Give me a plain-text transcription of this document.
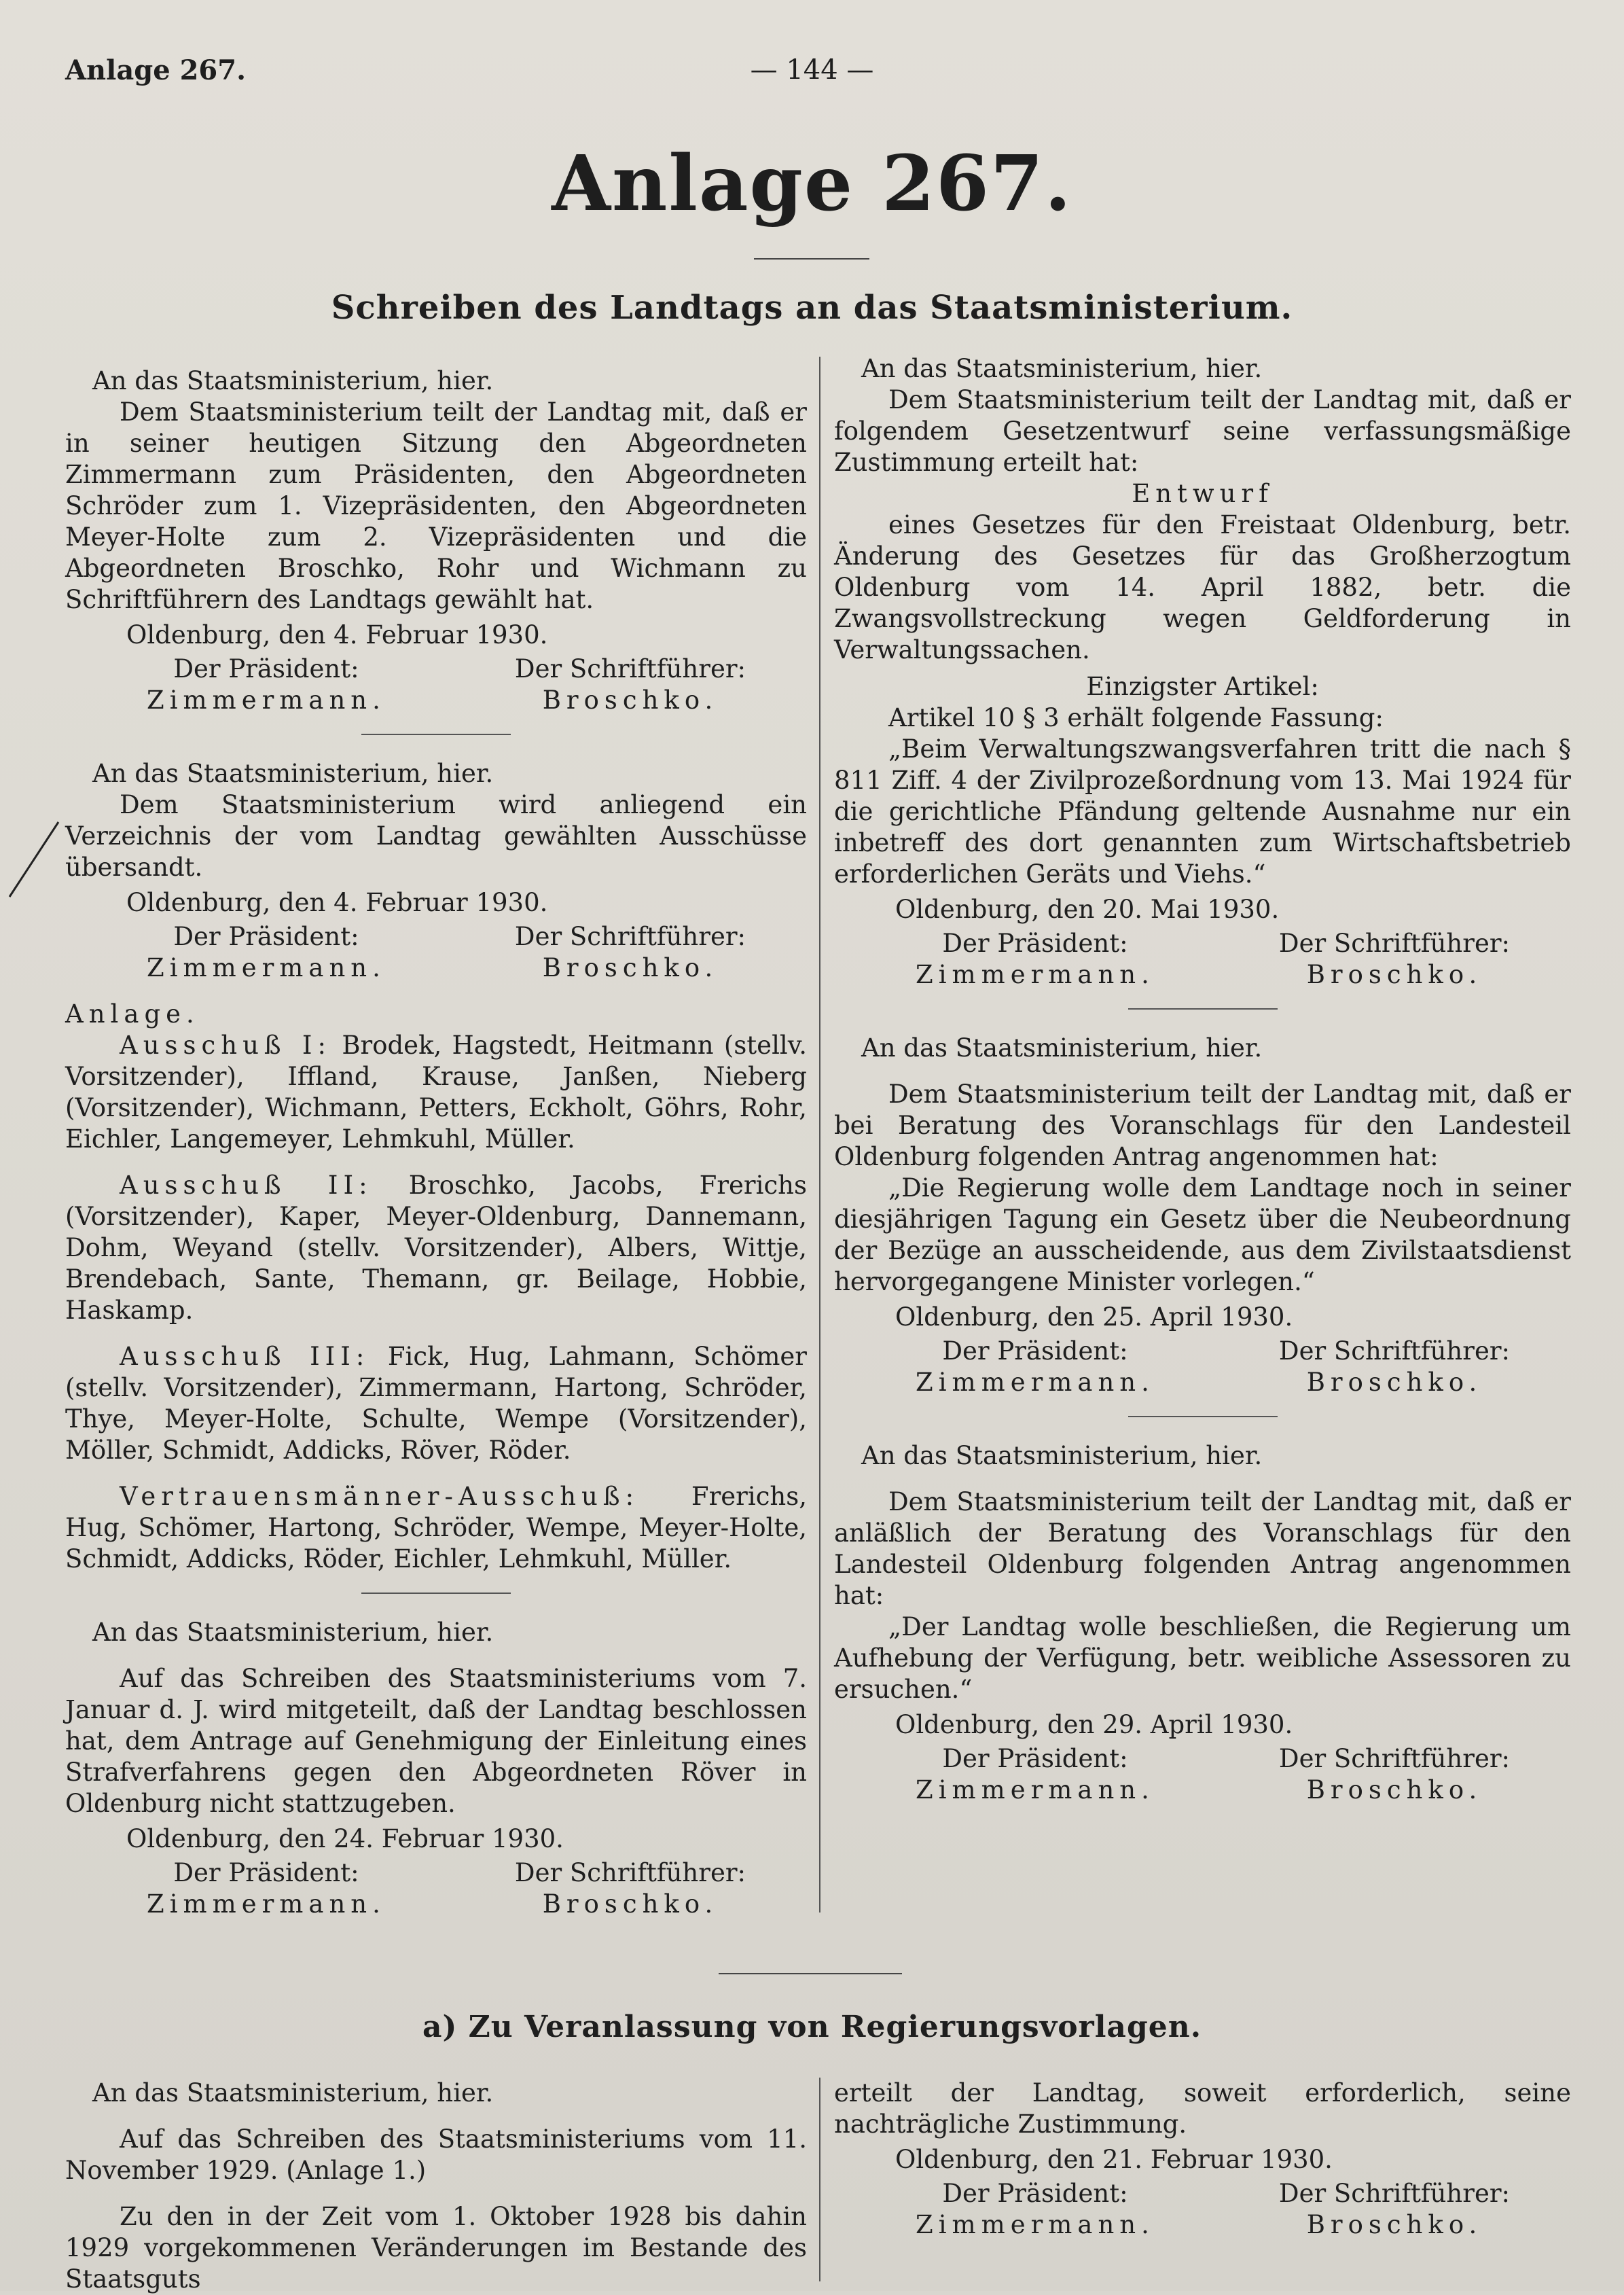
Anlage 267.	— 144 —
Anlage 267.
Schreiben des Landtags an das Staatsministerium.

An das Staatsministerium, hier.

Dem Staatsministerium teilt der Landtag mit, daß er in seiner heutigen Sitzung den Abgeordneten Zimmermann zum Präsidenten, den Abgeordneten Schröder zum 1. Vizepräsidenten, den Abgeordneten Meyer-Holte zum 2. Vizepräsidenten und die Abgeordneten Broschko, Rohr und Wichmann zu Schriftführern des Landtags gewählt hat.

Oldenburg, den 4. Februar 1930.

Der Präsident:
Zimmermann.
Der Schriftführer:
Broschko.

An das Staatsministerium, hier.

Dem Staatsministerium wird anliegend ein Verzeichnis der vom Landtag gewählten Ausschüsse übersandt.

Oldenburg, den 4. Februar 1930.

Der Präsident:
Zimmermann.
Der Schriftführer:
Broschko.

Anlage.

Ausschuß I: Brodek, Hagstedt, Heitmann (stellv. Vorsitzender), Iffland, Krause, Janßen, Nieberg (Vorsitzender), Wichmann, Petters, Eckholt, Göhrs, Rohr, Eichler, Langemeyer, Lehmkuhl, Müller.

Ausschuß II: Broschko, Jacobs, Frerichs (Vorsitzender), Kaper, Meyer-Oldenburg, Dannemann, Dohm, Weyand (stellv. Vorsitzender), Albers, Wittje, Brendebach, Sante, Themann, gr. Beilage, Hobbie, Haskamp.

Ausschuß III: Fick, Hug, Lahmann, Schömer (stellv. Vorsitzender), Zimmermann, Hartong, Schröder, Thye, Meyer-Holte, Schulte, Wempe (Vorsitzender), Möller, Schmidt, Addicks, Röver, Röder.

Vertrauensmänner-Ausschuß: Frerichs, Hug, Schömer, Hartong, Schröder, Wempe, Meyer-Holte, Schmidt, Addicks, Röder, Eichler, Lehmkuhl, Müller.

An das Staatsministerium, hier.

Auf das Schreiben des Staatsministeriums vom 7. Januar d. J. wird mitgeteilt, daß der Landtag beschlossen hat, dem Antrage auf Genehmigung der Einleitung eines Strafverfahrens gegen den Abgeordneten Röver in Oldenburg nicht stattzugeben.

Oldenburg, den 24. Februar 1930.

Der Präsident:
Zimmermann.
Der Schriftführer:
Broschko.

An das Staatsministerium, hier.

Dem Staatsministerium teilt der Landtag mit, daß er folgendem Gesetzentwurf seine verfassungsmäßige Zustimmung erteilt hat:

Entwurf

eines Gesetzes für den Freistaat Oldenburg, betr. Änderung des Gesetzes für das Großherzogtum Oldenburg vom 14. April 1882, betr. die Zwangsvollstreckung wegen Geldforderung in Verwaltungssachen.

Einzigster Artikel:

Artikel 10 § 3 erhält folgende Fassung:

„Beim Verwaltungszwangsverfahren tritt die nach § 811 Ziff. 4 der Zivilprozeßordnung vom 13. Mai 1924 für die gerichtliche Pfändung geltende Ausnahme nur ein inbetreff des dort genannten zum Wirtschaftsbetrieb erforderlichen Geräts und Viehs.“

Oldenburg, den 20. Mai 1930.

Der Präsident:
Zimmermann.
Der Schriftführer:
Broschko.

An das Staatsministerium, hier.

Dem Staatsministerium teilt der Landtag mit, daß er bei Beratung des Voranschlags für den Landesteil Oldenburg folgenden Antrag angenommen hat:

„Die Regierung wolle dem Landtage noch in seiner diesjährigen Tagung ein Gesetz über die Neubeordnung der Bezüge an ausscheidende, aus dem Zivilstaatsdienst hervorgegangene Minister vorlegen.“

Oldenburg, den 25. April 1930.

Der Präsident:
Zimmermann.
Der Schriftführer:
Broschko.

An das Staatsministerium, hier.

Dem Staatsministerium teilt der Landtag mit, daß er anläßlich der Beratung des Voranschlags für den Landesteil Oldenburg folgenden Antrag angenommen hat:

„Der Landtag wolle beschließen, die Regierung um Aufhebung der Verfügung, betr. weibliche Assessoren zu ersuchen.“

Oldenburg, den 29. April 1930.

Der Präsident:
Zimmermann.
Der Schriftführer:
Broschko.
a) Zu Veranlassung von Regierungsvorlagen.

An das Staatsministerium, hier.

Auf das Schreiben des Staatsministeriums vom 11. November 1929. (Anlage 1.)

Zu den in der Zeit vom 1. Oktober 1928 bis dahin 1929 vorgekommenen Veränderungen im Bestande des Staatsguts

erteilt der Landtag, soweit erforderlich, seine nachträgliche Zustimmung.

Oldenburg, den 21. Februar 1930.

Der Präsident:
Zimmermann.
Der Schriftführer:
Broschko.
